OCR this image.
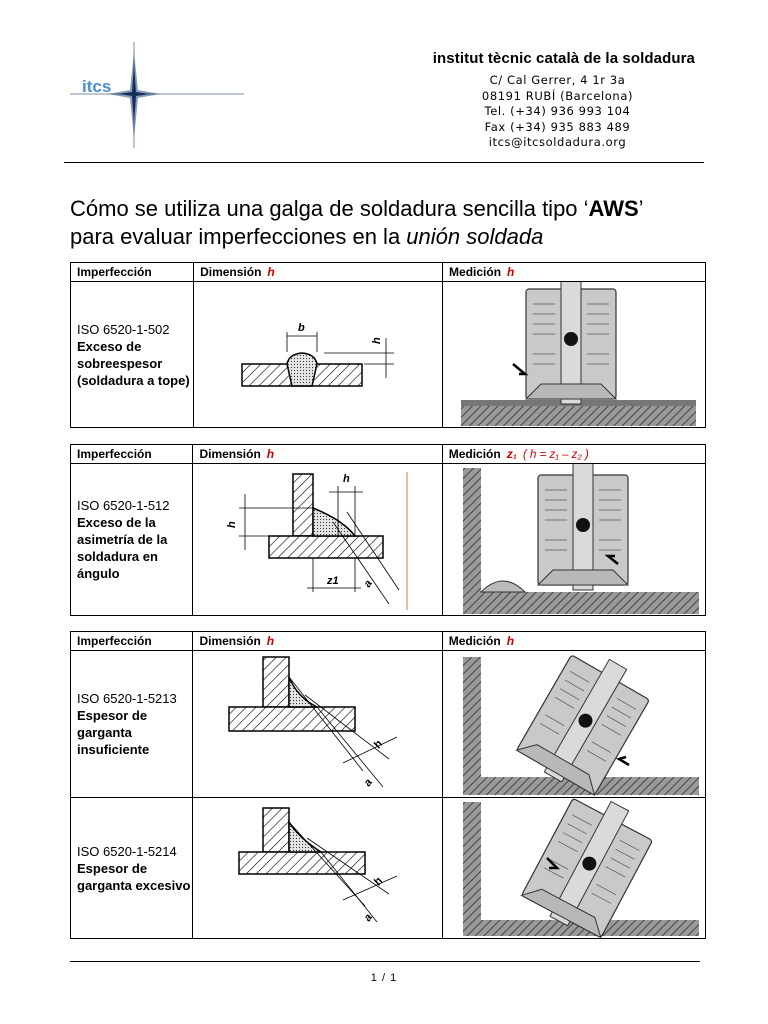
itcs
institut tècnic català de la soldadura
C/ Cal Gerrer, 4 1r 3a
08191 RUBÍ (Barcelona)
Tel. (+34) 936 993 104
Fax (+34) 935 883 489
itcs@itcsoldadura.org
Cómo se utiliza una galga de soldadura sencilla tipo ‘AWS’
para evaluar imperfecciones en la unión soldada
Imperfección	Dimensión h	Medición h

ISO 6520-1-502
Exceso de sobreespesor (soldadura a tope)	b
h

Imperfección	Dimensión h	Medición z₁ ( h = z₁ – z₂ )

ISO 6520-1-512
Exceso de la asimetría de la soldadura en ángulo	h
h
z1 a

Imperfección	Dimensión h	Medición h

ISO 6520-1-5213
Espesor de garganta insuficiente	h
a

ISO 6520-1-5214
Espesor de garganta excesivo	h
a

1 / 1
